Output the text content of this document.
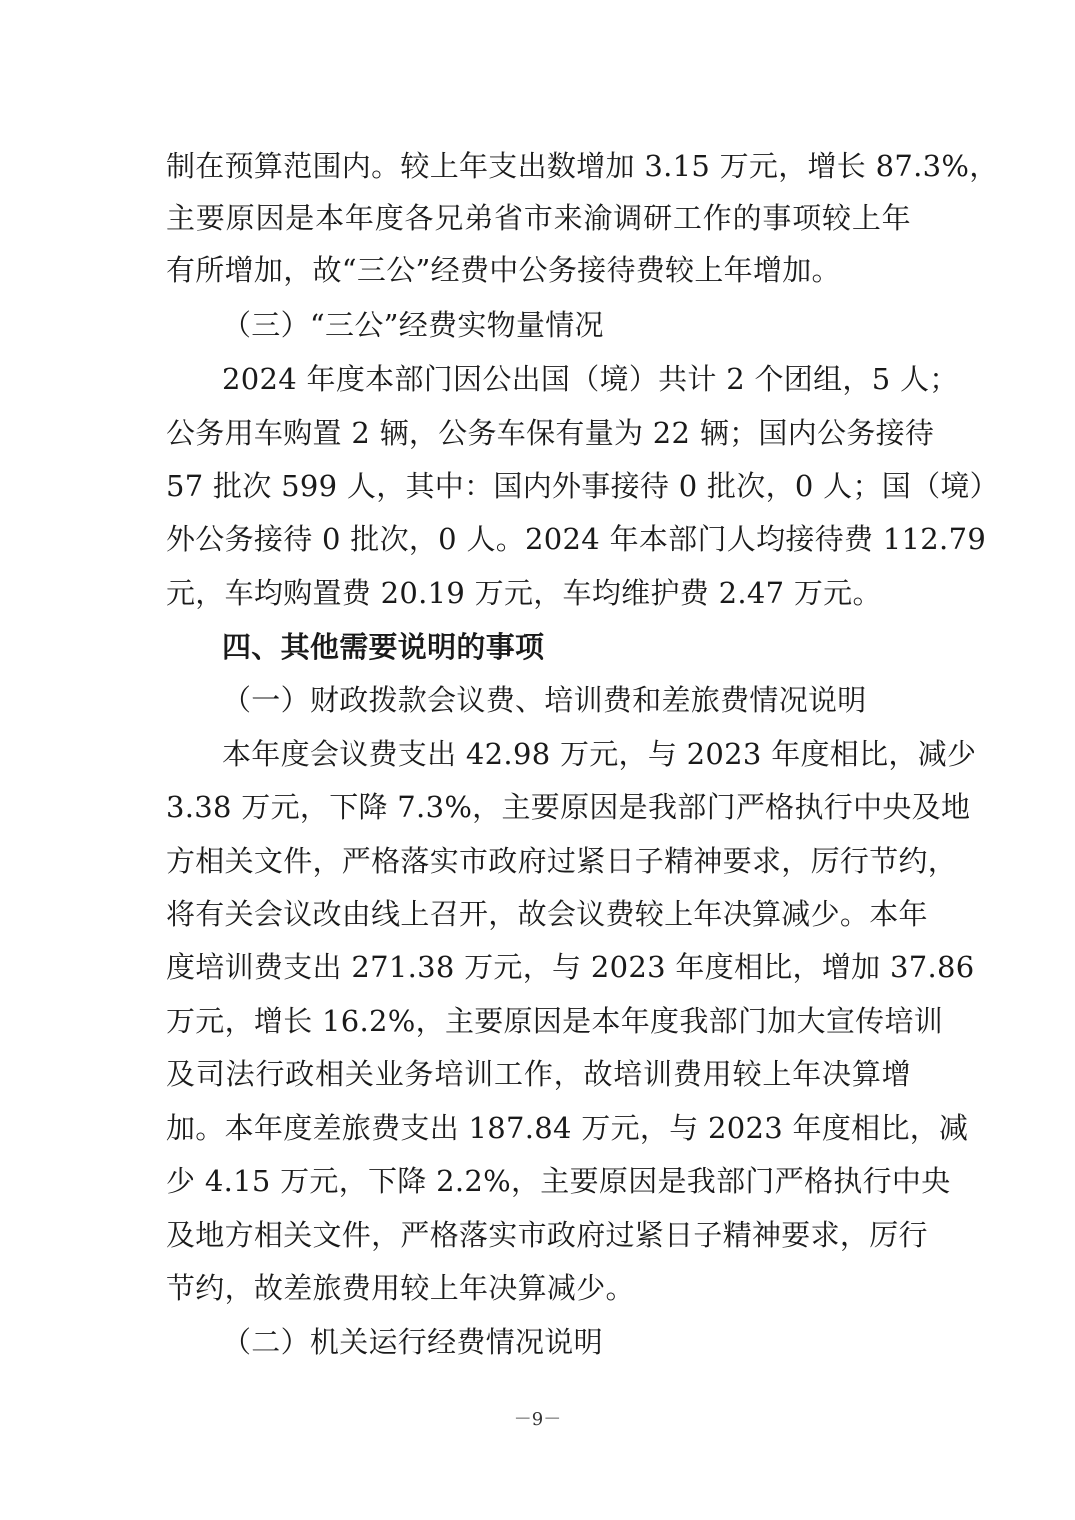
制在预算范围内。较上年支出数增加 3.15 万元，增长 87.3%，
主要原因是本年度各兄弟省市来渝调研工作的事项较上年
有所增加，故“三公”经费中公务接待费较上年增加。
（三）“三公”经费实物量情况
2024 年度本部门因公出国（境）共计 2 个团组，5 人；
公务用车购置 2 辆，公务车保有量为 22 辆；国内公务接待
57 批次 599 人，其中：国内外事接待 0 批次，0 人；国（境）
外公务接待 0 批次，0 人。2024 年本部门人均接待费 112.79
元，车均购置费 20.19 万元，车均维护费 2.47 万元。
四、其他需要说明的事项
（一）财政拨款会议费、培训费和差旅费情况说明
本年度会议费支出 42.98 万元，与 2023 年度相比，减少
3.38 万元，下降 7.3%，主要原因是我部门严格执行中央及地
方相关文件，严格落实市政府过紧日子精神要求，厉行节约，
将有关会议改由线上召开，故会议费较上年决算减少。本年
度培训费支出 271.38 万元，与 2023 年度相比，增加 37.86
万元，增长 16.2%，主要原因是本年度我部门加大宣传培训
及司法行政相关业务培训工作，故培训费用较上年决算增
加。本年度差旅费支出 187.84 万元，与 2023 年度相比，减
少 4.15 万元，下降 2.2%，主要原因是我部门严格执行中央
及地方相关文件，严格落实市政府过紧日子精神要求，厉行
节约，故差旅费用较上年决算减少。
（二）机关运行经费情况说明
－9－
